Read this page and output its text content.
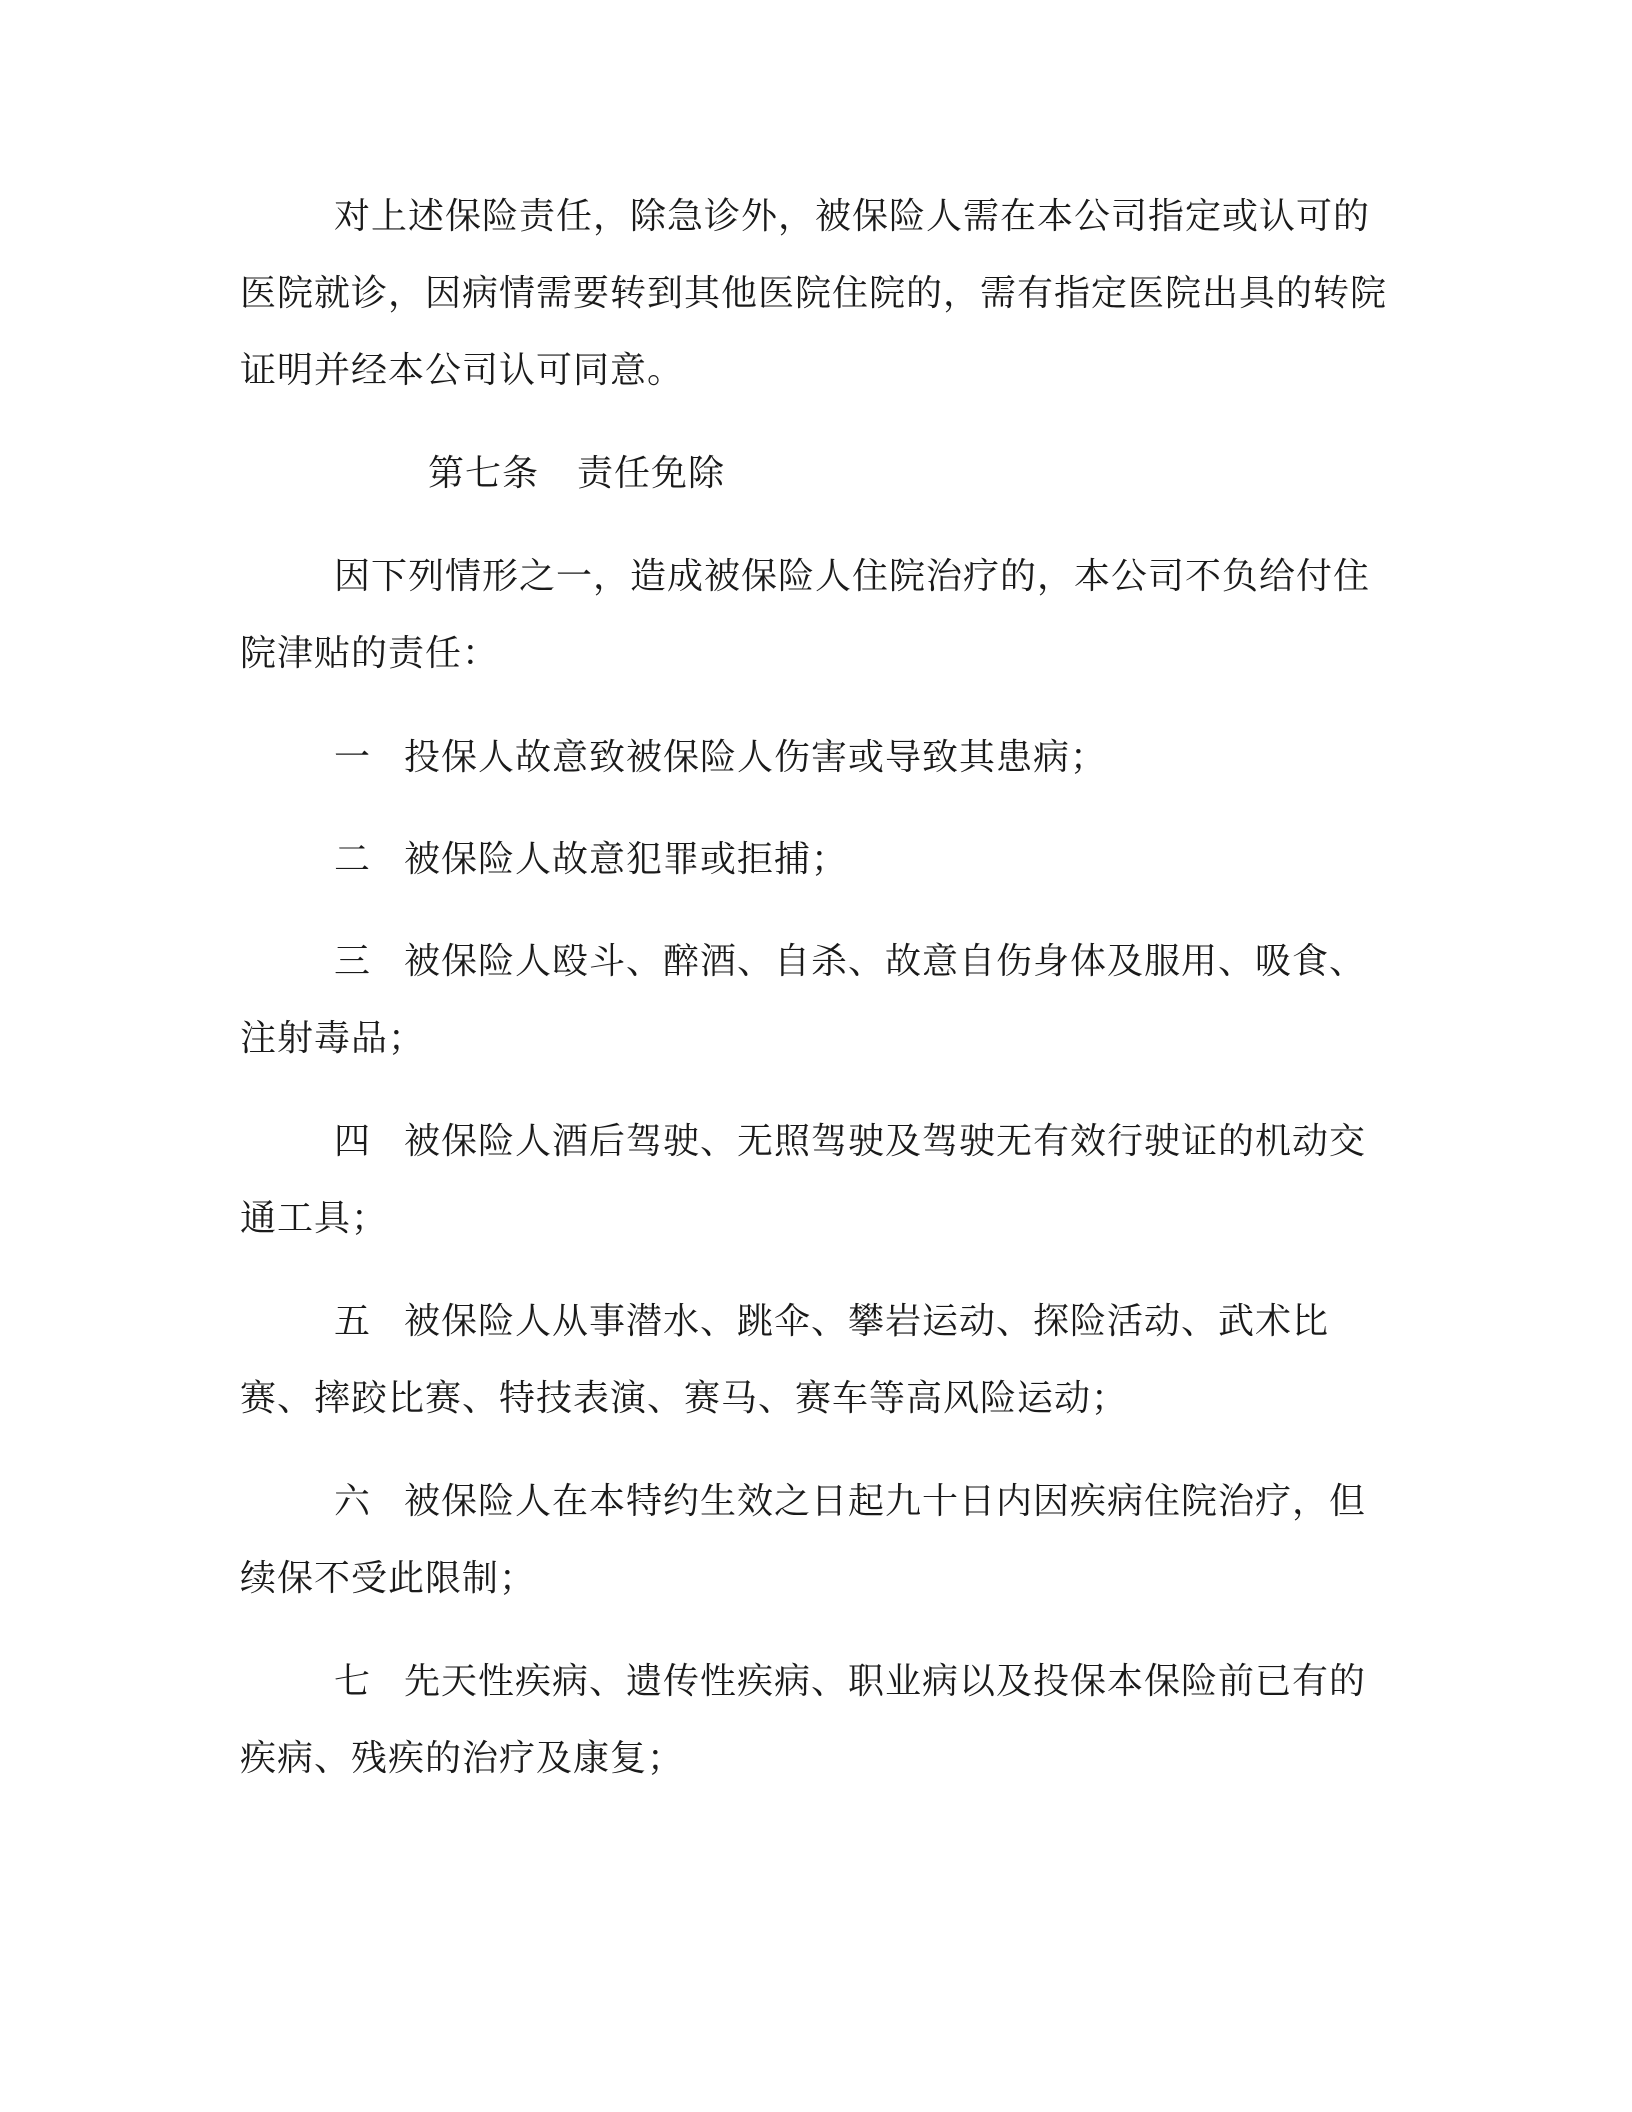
对上述保险责任，除急诊外，被保险人需在本公司指定或认可的医院就诊，因病情需要转到其他医院住院的，需有指定医院出具的转院证明并经本公司认可同意。

第七条 责任免除

因下列情形之一，造成被保险人住院治疗的，本公司不负给付住院津贴的责任：

一 投保人故意致被保险人伤害或导致其患病；

二 被保险人故意犯罪或拒捕；

三 被保险人殴斗、醉酒、自杀、故意自伤身体及服用、吸食、注射毒品；

四 被保险人酒后驾驶、无照驾驶及驾驶无有效行驶证的机动交通工具；

五 被保险人从事潜水、跳伞、攀岩运动、探险活动、武术比赛、摔跤比赛、特技表演、赛马、赛车等高风险运动；

六 被保险人在本特约生效之日起九十日内因疾病住院治疗，但续保不受此限制；

七 先天性疾病、遗传性疾病、职业病以及投保本保险前已有的疾病、残疾的治疗及康复；
